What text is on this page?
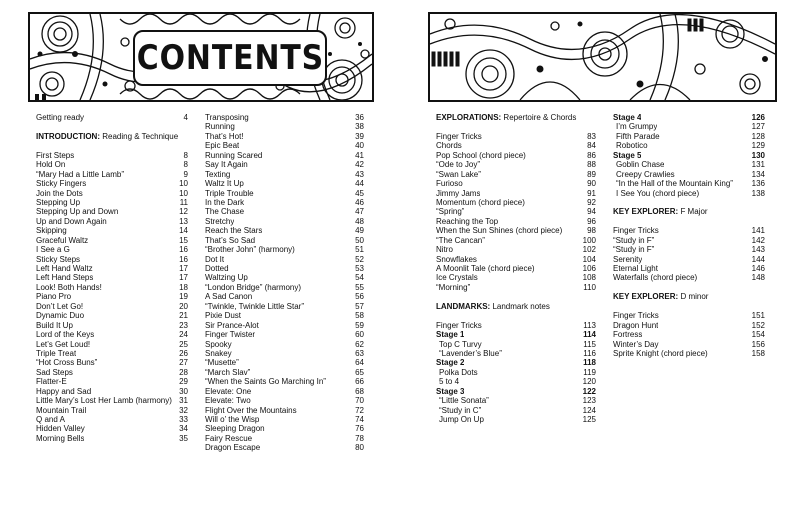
CONTENTS
Getting ready	4
INTRODUCTION: Reading & Technique
First Steps	8
Hold On	8
“Mary Had a Little Lamb”	9
Sticky Fingers	10
Join the Dots	10
Stepping Up	11
Stepping Up and Down	12
Up and Down Again	13
Skipping	14
Graceful Waltz	15
I See a G	16
Sticky Steps	16
Left Hand Waltz	17
Left Hand Steps	17
Look! Both Hands!	18
Piano Pro	19
Don’t Let Go!	20
Dynamic Duo	21
Build It Up	23
Lord of the Keys	24
Let’s Get Loud!	25
Triple Treat	26
“Hot Cross Buns”	27
Sad Steps	28
Flatter-E	29
Happy and Sad	30
Little Mary’s Lost Her Lamb (harmony) 31
Mountain Trail	32
Q and A	33
Hidden Valley	34
Morning Bells	35
Transposing	36
Running	38
That’s Hot!	39
Epic Beat	40
Running Scared	41
Say It Again	42
Texting	43
Waltz It Up	44
Triple Trouble	45
In the Dark	46
The Chase	47
Stretchy	48
Reach the Stars	49
That’s So Sad	50
“Brother John” (harmony)	51
Dot It	52
Dotted	53
Waltzing Up	54
“London Bridge” (harmony)	55
A Sad Canon	56
“Twinkle, Twinkle Little Star”	57
Pixie Dust	58
Sir Prance-Alot	59
Finger Twister	60
Spooky	62
Snakey	63
“Musette”	64
“March Slav”	65
“When the Saints Go Marching In”	66
Elevate: One	68
Elevate: Two	70
Flight Over the Mountains	72
Will o’ the Wisp	74
Sleeping Dragon	76
Fairy Rescue	78
Dragon Escape	80
EXPLORATIONS: Repertoire & Chords
Finger Tricks	83
Chords	84
Pop School (chord piece)	86
“Ode to Joy”	88
“Swan Lake”	89
Furioso	90
Jimmy Jams	91
Momentum (chord piece)	92
“Spring”	94
Reaching the Top	96
When the Sun Shines (chord piece)	98
“The Cancan”	100
Nitro	102
Snowflakes	104
A Moonlit Tale (chord piece)	106
Ice Crystals	108
“Morning”	110
LANDMARKS: Landmark notes
Finger Tricks	113
Stage 1	114
Top C Turvy	115
“Lavender’s Blue”	116
Stage 2	118
Polka Dots	119
5 to 4	120
Stage 3	122
“Little Sonata”	123
“Study in C”	124
Jump On Up	125
Stage 4	126
I’m Grumpy	127
Fifth Parade	128
Robotico	129
Stage 5	130
Goblin Chase	131
Creepy Crawlies	134
“In the Hall of the Mountain King” 136
I See You (chord piece)	138
KEY EXPLORER: F Major
Finger Tricks	141
“Study in F”	142
“Study in F”	143
Serenity	144
Eternal Light	146
Waterfalls (chord piece)	148
KEY EXPLORER: D minor
Finger Tricks	151
Dragon Hunt	152
Fortress	154
Winter’s Day	156
Sprite Knight (chord piece)	158
